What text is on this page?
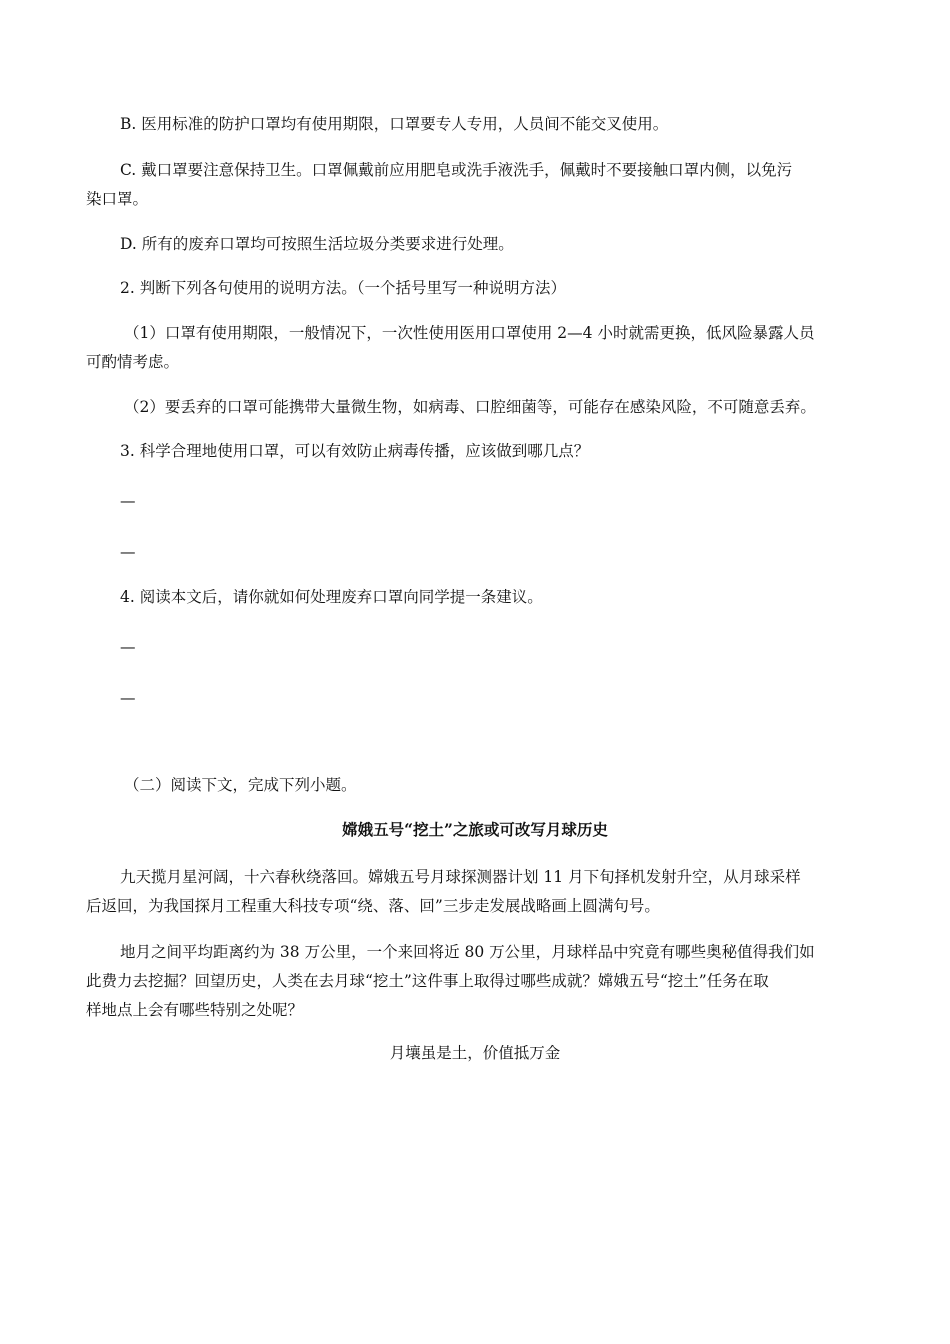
B. 医用标准的防护口罩均有使用期限，口罩要专人专用，人员间不能交叉使用。
C. 戴口罩要注意保持卫生。口罩佩戴前应用肥皂或洗手液洗手，佩戴时不要接触口罩内侧，以免污
染口罩。
D. 所有的废弃口罩均可按照生活垃圾分类要求进行处理。
2. 判断下列各句使用的说明方法。（一个括号里写一种说明方法）
（1）口罩有使用期限，一般情况下，一次性使用医用口罩使用 2—4 小时就需更换，低风险暴露人员
可酌情考虑。
（2）要丢弃的口罩可能携带大量微生物，如病毒、口腔细菌等，可能存在感染风险，不可随意丢弃。
3. 科学合理地使用口罩，可以有效防止病毒传播，应该做到哪几点？
—
—
4. 阅读本文后，请你就如何处理废弃口罩向同学提一条建议。
—
—
（二）阅读下文，完成下列小题。
嫦娥五号“挖土”之旅或可改写月球历史
九天揽月星河阔，十六春秋绕落回。嫦娥五号月球探测器计划 11 月下旬择机发射升空，从月球采样
后返回，为我国探月工程重大科技专项“绕、落、回”三步走发展战略画上圆满句号。
地月之间平均距离约为 38 万公里，一个来回将近 80 万公里，月球样品中究竟有哪些奥秘值得我们如
此费力去挖掘？回望历史，人类在去月球“挖土”这件事上取得过哪些成就？嫦娥五号“挖土”任务在取
样地点上会有哪些特别之处呢？
月壤虽是土，价值抵万金
